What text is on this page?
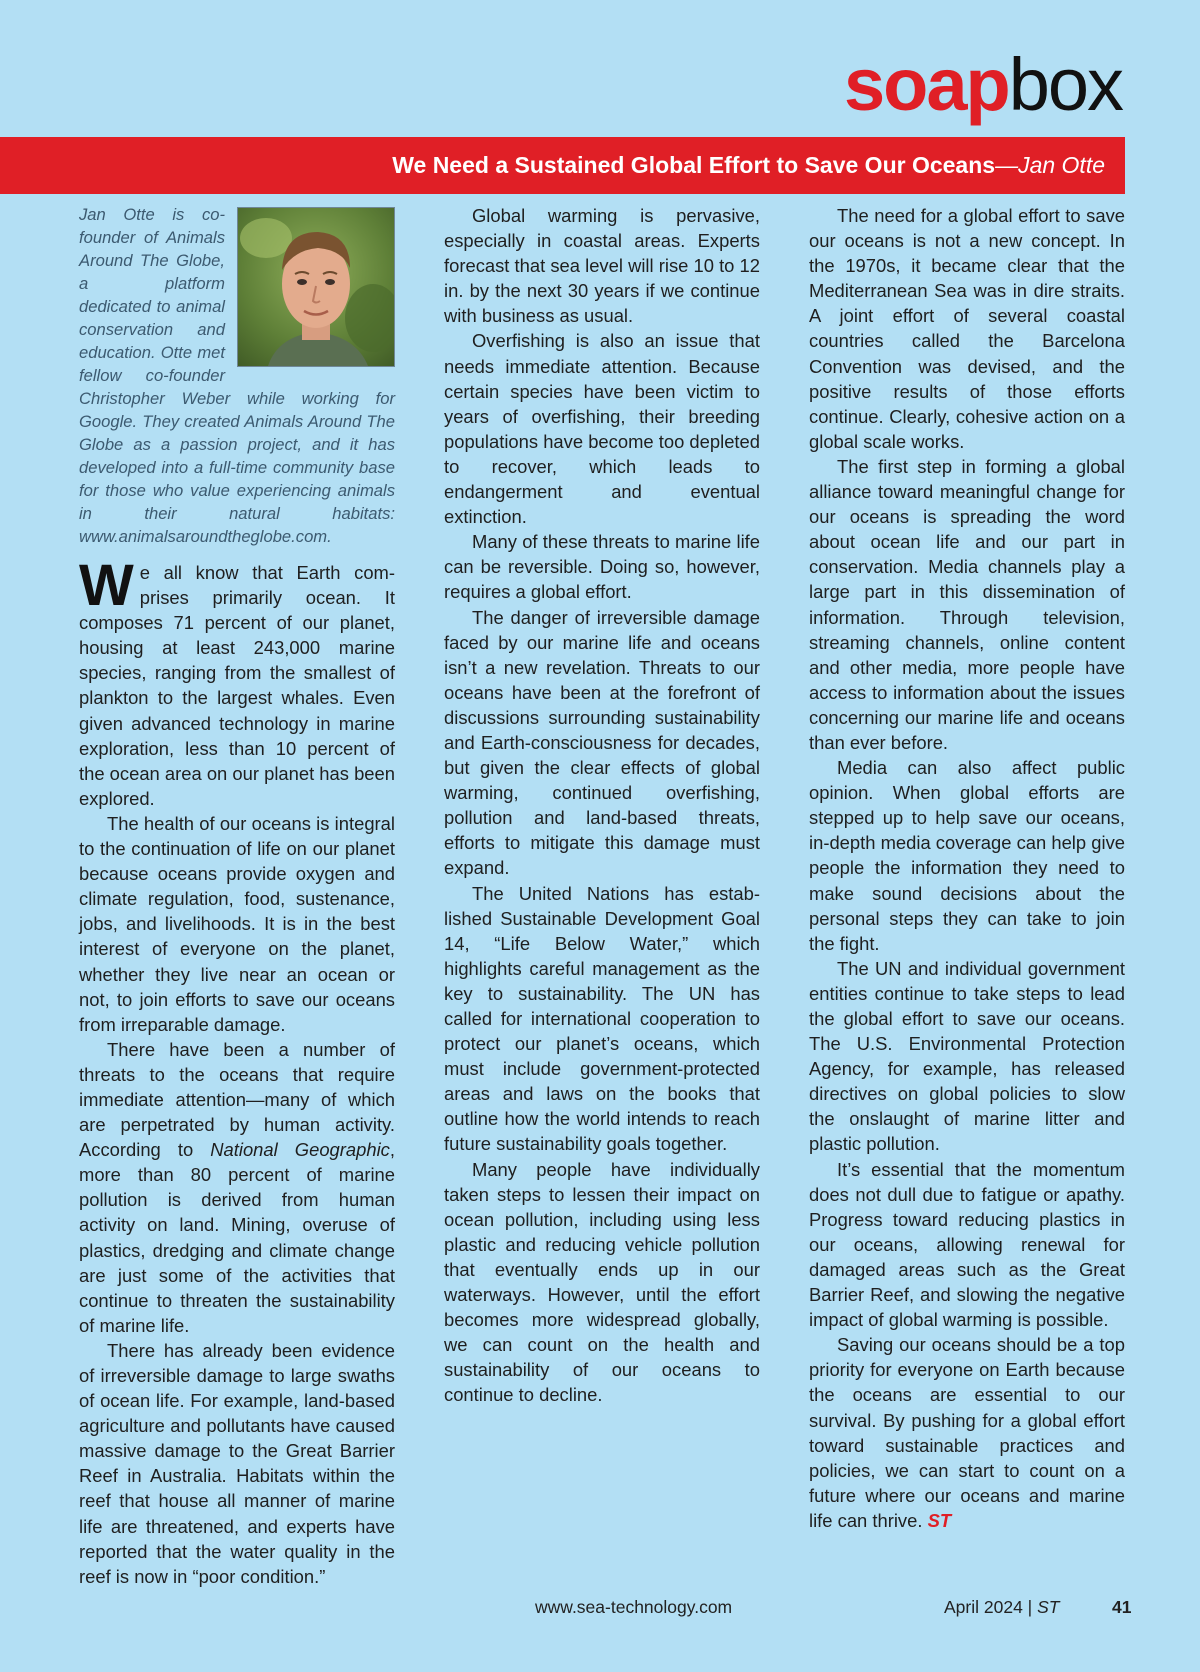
soapbox
We Need a Sustained Global Effort to Save Our Oceans —Jan Otte
Jan Otte is co-founder of Animals Around The Globe, a platform dedicated to animal conservation and education. Otte met fellow co-founder Christopher Weber while working for Google. They created Animals Around The Globe as a passion project, and it has developed into a full-time community base for those who value experiencing animals in their natural habitats: www.animalsaroundtheglobe.com.

We all know that Earth comprises primarily ocean. It composes 71 percent of our planet, housing at least 243,000 marine species, ranging from the smallest of plankton to the largest whales. Even given advanced technology in marine exploration, less than 10 percent of the ocean area on our planet has been explored.

The health of our oceans is integral to the continuation of life on our planet because oceans provide oxygen and climate regulation, food, sustenance, jobs, and livelihoods. It is in the best interest of everyone on the planet, whether they live near an ocean or not, to join efforts to save our oceans from irreparable damage.

There have been a number of threats to the oceans that require immediate attention—many of which are perpetrated by human activity. According to National Geographic, more than 80 percent of marine pollution is derived from human activity on land. Mining, overuse of plastics, dredging and climate change are just some of the activities that continue to threaten the sustainability of marine life.

There has already been evidence of irreversible damage to large swaths of ocean life. For example, land-based agriculture and pollutants have caused massive damage to the Great Barrier Reef in Australia. Habitats within the reef that house all manner of marine life are threatened, and experts have reported that the water quality in the reef is now in “poor condition.”

Global warming is pervasive, especially in coastal areas. Experts forecast that sea level will rise 10 to 12 in. by the next 30 years if we continue with business as usual.

Overfishing is also an issue that needs immediate attention. Because certain species have been victim to years of overfishing, their breeding populations have become too depleted to recover, which leads to endangerment and eventual extinction.

Many of these threats to marine life can be reversible. Doing so, however, requires a global effort.

The danger of irreversible damage faced by our marine life and oceans isn’t a new revelation. Threats to our oceans have been at the forefront of discussions surrounding sustainability and Earth-consciousness for decades, but given the clear effects of global warming, continued overfishing, pollution and land-based threats, efforts to mitigate this damage must expand.

The United Nations has established Sustainable Development Goal 14, “Life Below Water,” which highlights careful management as the key to sustainability. The UN has called for international cooperation to protect our planet’s oceans, which must include government-protected areas and laws on the books that outline how the world intends to reach future sustainability goals together.

Many people have individually taken steps to lessen their impact on ocean pollution, including using less plastic and reducing vehicle pollution that eventually ends up in our waterways. However, until the effort becomes more widespread globally, we can count on the health and sustainability of our oceans to continue to decline.

The need for a global effort to save our oceans is not a new concept. In the 1970s, it became clear that the Mediterranean Sea was in dire straits. A joint effort of several coastal countries called the Barcelona Convention was devised, and the positive results of those efforts continue. Clearly, cohesive action on a global scale works.

The first step in forming a global alliance toward meaningful change for our oceans is spreading the word about ocean life and our part in conservation. Media channels play a large part in this dissemination of information. Through television, streaming channels, online content and other media, more people have access to information about the issues concerning our marine life and oceans than ever before.

Media can also affect public opinion. When global efforts are stepped up to help save our oceans, in-depth media coverage can help give people the information they need to make sound decisions about the personal steps they can take to join the fight.

The UN and individual government entities continue to take steps to lead the global effort to save our oceans. The U.S. Environmental Protection Agency, for example, has released directives on global policies to slow the onslaught of marine litter and plastic pollution.

It’s essential that the momentum does not dull due to fatigue or apathy. Progress toward reducing plastics in our oceans, allowing renewal for damaged areas such as the Great Barrier Reef, and slowing the negative impact of global warming is possible.

Saving our oceans should be a top priority for everyone on Earth because the oceans are essential to our survival. By pushing for a global effort toward sustainable practices and policies, we can start to count on a future where our oceans and marine life can thrive. ST

www.sea-technology.com	April 2024 | ST	41
